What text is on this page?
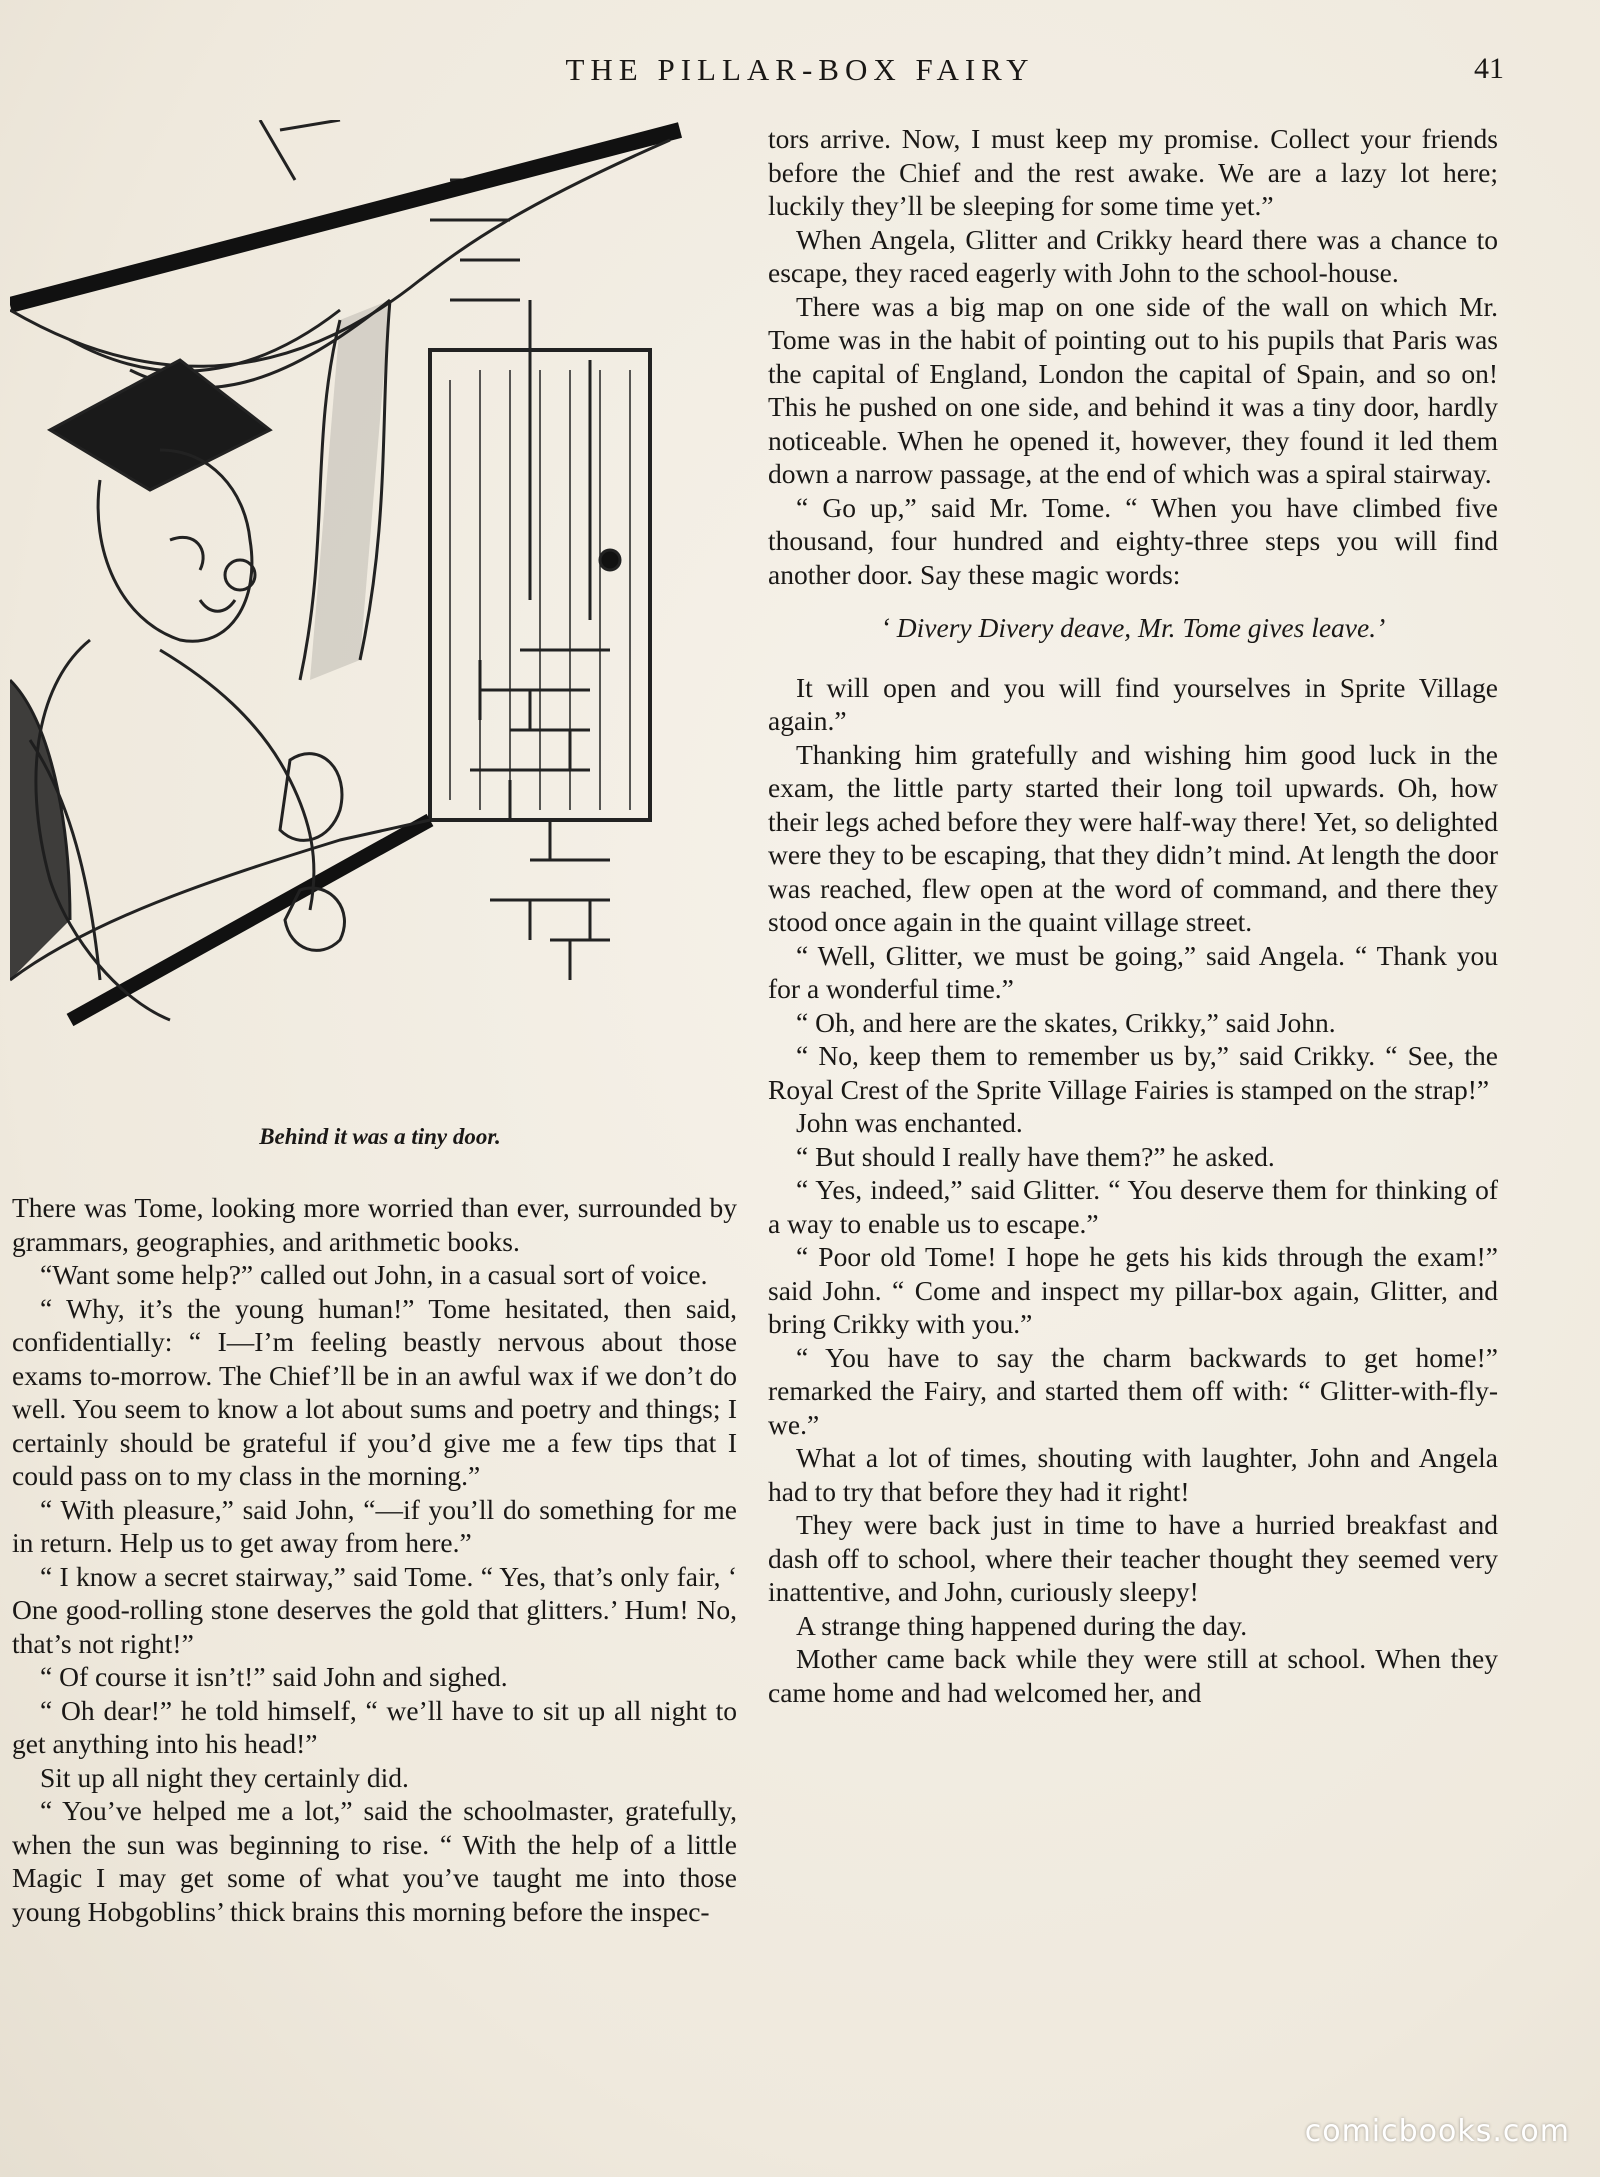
THE PILLAR-BOX FAIRY	41
Behind it was a tiny door.

There was Tome, looking more worried than ever, surrounded by grammars, geographies, and arithmetic books.

“Want some help?” called out John, in a casual sort of voice.

“ Why, it’s the young human!” Tome hesitated, then said, confidentially: “ I—I’m feeling beastly nervous about those exams to-morrow. The Chief’ll be in an awful wax if we don’t do well. You seem to know a lot about sums and poetry and things; I certainly should be grateful if you’d give me a few tips that I could pass on to my class in the morning.”

“ With pleasure,” said John, “—if you’ll do something for me in return. Help us to get away from here.”

“ I know a secret stairway,” said Tome. “ Yes, that’s only fair, ‘ One good-rolling stone deserves the gold that glitters.’ Hum! No, that’s not right!”

“ Of course it isn’t!” said John and sighed.

“ Oh dear!” he told himself, “ we’ll have to sit up all night to get anything into his head!”

Sit up all night they certainly did.

“ You’ve helped me a lot,” said the schoolmaster, gratefully, when the sun was beginning to rise. “ With the help of a little Magic I may get some of what you’ve taught me into those young Hobgoblins’ thick brains this morning before the inspec-

tors arrive. Now, I must keep my promise. Collect your friends before the Chief and the rest awake. We are a lazy lot here; luckily they’ll be sleeping for some time yet.”

When Angela, Glitter and Crikky heard there was a chance to escape, they raced eagerly with John to the school-house.

There was a big map on one side of the wall on which Mr. Tome was in the habit of pointing out to his pupils that Paris was the capital of England, London the capital of Spain, and so on! This he pushed on one side, and behind it was a tiny door, hardly noticeable. When he opened it, however, they found it led them down a narrow passage, at the end of which was a spiral stairway.

“ Go up,” said Mr. Tome. “ When you have climbed five thousand, four hundred and eighty-three steps you will find another door. Say these magic words:

‘ Divery Divery deave, Mr. Tome gives leave.’

It will open and you will find yourselves in Sprite Village again.”

Thanking him gratefully and wishing him good luck in the exam, the little party started their long toil upwards. Oh, how their legs ached before they were half-way there! Yet, so delighted were they to be escaping, that they didn’t mind. At length the door was reached, flew open at the word of command, and there they stood once again in the quaint village street.

“ Well, Glitter, we must be going,” said Angela. “ Thank you for a wonderful time.”

“ Oh, and here are the skates, Crikky,” said John.

“ No, keep them to remember us by,” said Crikky. “ See, the Royal Crest of the Sprite Village Fairies is stamped on the strap!”

John was enchanted.

“ But should I really have them?” he asked.

“ Yes, indeed,” said Glitter. “ You deserve them for thinking of a way to enable us to escape.”

“ Poor old Tome! I hope he gets his kids through the exam!” said John. “ Come and inspect my pillar-box again, Glitter, and bring Crikky with you.”

“ You have to say the charm backwards to get home!” remarked the Fairy, and started them off with: “ Glitter-with-fly-we.”

What a lot of times, shouting with laughter, John and Angela had to try that before they had it right!

They were back just in time to have a hurried breakfast and dash off to school, where their teacher thought they seemed very inattentive, and John, curiously sleepy!

A strange thing happened during the day.

Mother came back while they were still at school. When they came home and had welcomed her, and

comicbooks.com
